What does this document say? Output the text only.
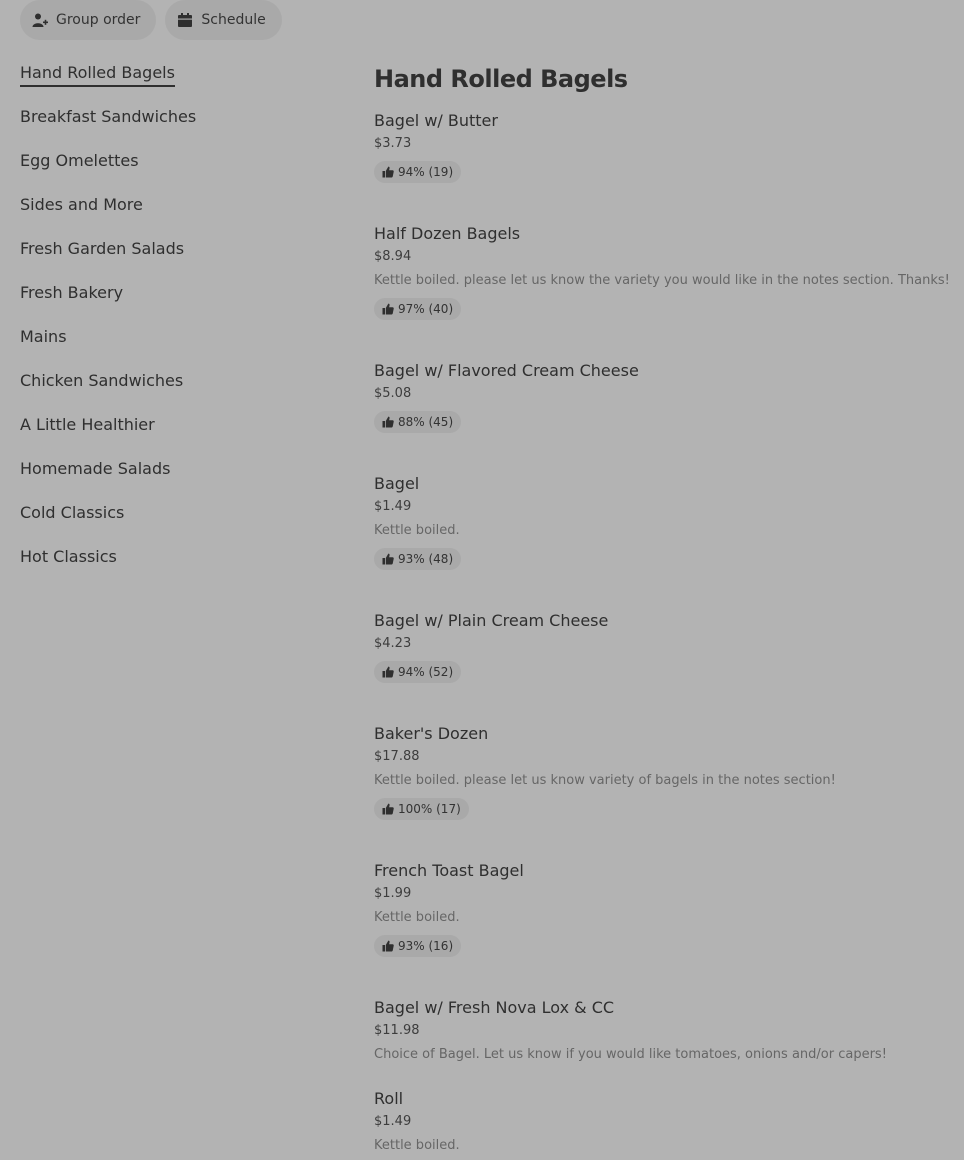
Group order	Schedule
Hand Rolled Bagels
Breakfast Sandwiches
Egg Omelettes
Sides and More
Fresh Garden Salads
Fresh Bakery
Mains
Chicken Sandwiches
A Little Healthier
Homemade Salads
Cold Classics
Hot Classics
Hand Rolled Bagels
Bagel w/ Butter
$3.73
94% (19)
Half Dozen Bagels
$8.94
Kettle boiled. please let us know the variety you would like in the notes section. Thanks!
97% (40)
Bagel w/ Flavored Cream Cheese
$5.08
88% (45)
Bagel
$1.49
Kettle boiled.
93% (48)
Bagel w/ Plain Cream Cheese
$4.23
94% (52)
Baker's Dozen
$17.88
Kettle boiled. please let us know variety of bagels in the notes section!
100% (17)
French Toast Bagel
$1.99
Kettle boiled.
93% (16)
Bagel w/ Fresh Nova Lox & CC
$11.98
Choice of Bagel. Let us know if you would like tomatoes, onions and/or capers!
Roll
$1.49
Kettle boiled.
